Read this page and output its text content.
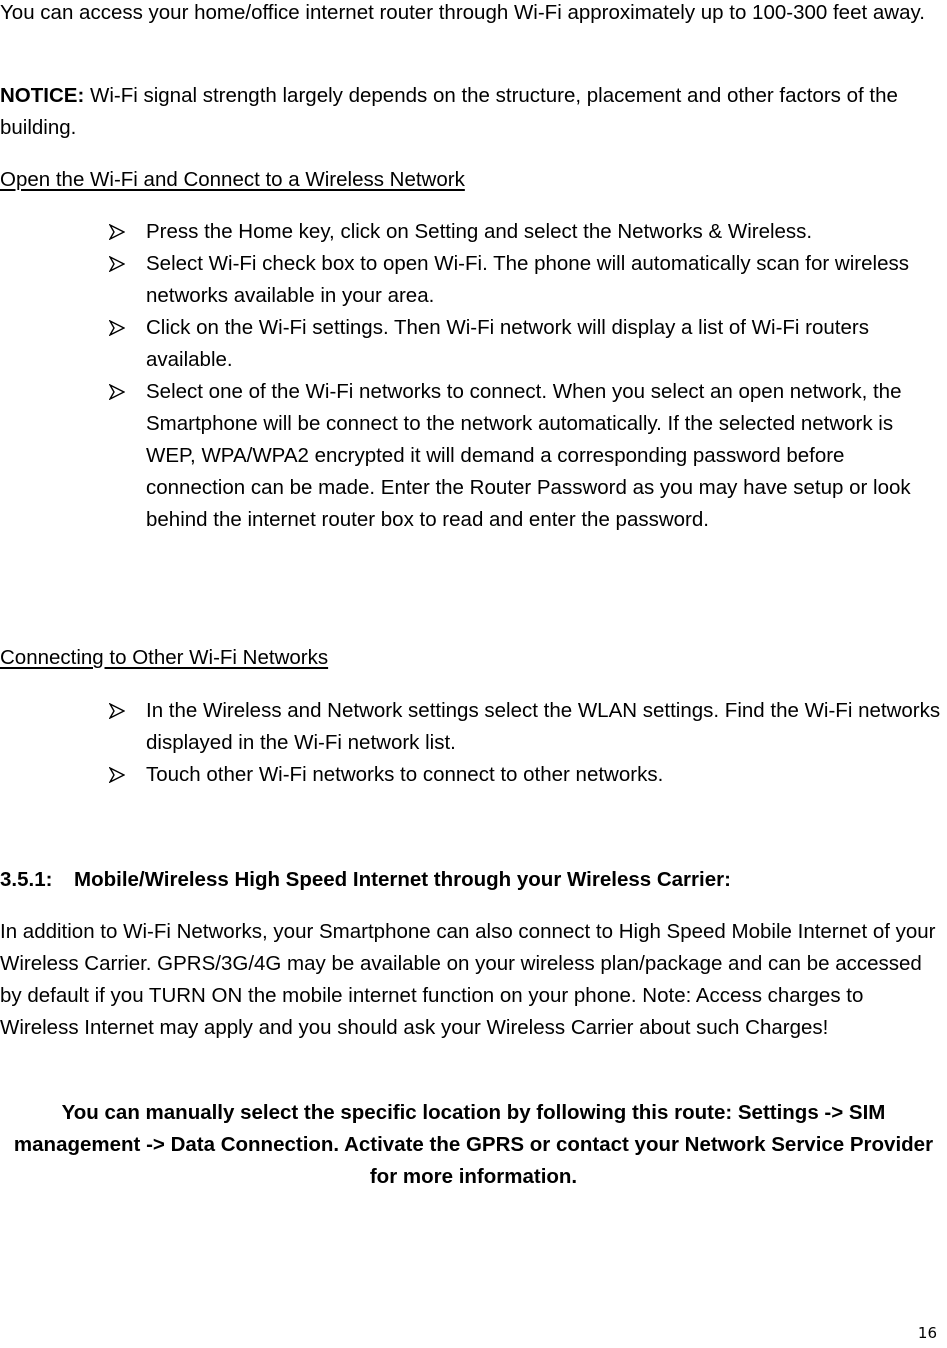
You can access your home/office internet router through Wi-Fi approximately up to 100-300 feet away.

NOTICE: Wi-Fi signal strength largely depends on the structure, placement and other factors of the building.

Open the Wi-Fi and Connect to a Wireless Network

Press the Home key, click on Setting and select the Networks & Wireless.
Select Wi-Fi check box to open Wi-Fi. The phone will automatically scan for wireless networks available in your area.
Click on the Wi-Fi settings. Then Wi-Fi network will display a list of Wi-Fi routers available.
Select one of the Wi-Fi networks to connect. When you select an open network, the Smartphone will be connect to the network automatically. If the selected network is WEP, WPA/WPA2 encrypted it will demand a corresponding password before connection can be made. Enter the Router Password as you may have setup or look behind the internet router box to read and enter the password.

Connecting to Other Wi-Fi Networks

In the Wireless and Network settings select the WLAN settings. Find the Wi-Fi networks displayed in the Wi-Fi network list.
Touch other Wi-Fi networks to connect to other networks.

3.5.1: Mobile/Wireless High Speed Internet through your Wireless Carrier:

In addition to Wi-Fi Networks, your Smartphone can also connect to High Speed Mobile Internet of your Wireless Carrier. GPRS/3G/4G may be available on your wireless plan/package and can be accessed by default if you TURN ON the mobile internet function on your phone. Note: Access charges to Wireless Internet may apply and you should ask your Wireless Carrier about such Charges!

You can manually select the specific location by following this route: Settings -> SIM management -> Data Connection. Activate the GPRS or contact your Network Service Provider for more information.

16
